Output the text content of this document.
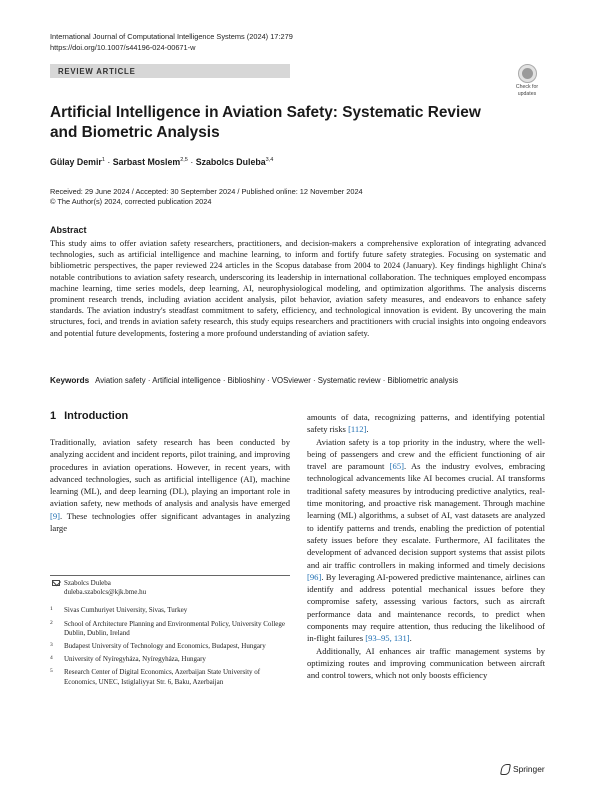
International Journal of Computational Intelligence Systems (2024) 17:279
https://doi.org/10.1007/s44196-024-00671-w
REVIEW ARTICLE
Check for
updates
Artificial Intelligence in Aviation Safety: Systematic Review and Biometric Analysis
Gülay Demir$^1$ · Sarbast Moslem$^{2,5}$ · Szabolcs Duleba$^{3,4}$
Received: 29 June 2024 / Accepted: 30 September 2024 / Published online: 12 November 2024
© The Author(s) 2024, corrected publication 2024
Abstract
This study aims to offer aviation safety researchers, practitioners, and decision-makers a comprehensive exploration of integrating advanced technologies, such as artificial intelligence and machine learning, to inform and fortify future safety strategies. Focusing on systematic and bibliometric perspectives, the paper reviewed 224 articles in the Scopus database from 2004 to 2024 (January). Key findings highlight China's notable contributions to aviation safety research, underscoring its leadership in international collaboration. The techniques employed encompass machine learning, time series models, deep learning, AI, neurophysiological modeling, and optimization algorithms. The analysis discerns prominent research trends, including aviation accident analysis, pilot behavior, aviation safety measures, and endeavors to enhance safety standards. The aviation industry's steadfast commitment to safety, efficiency, and technological innovation is evident. By uncovering the main structures, foci, and trends in aviation safety research, this study equips researchers and practitioners with crucial insights into ongoing endeavors and potential future developments, fostering a more profound understanding of aviation safety.
Keywords Aviation safety · Artificial intelligence · Biblioshiny · VOSviewer · Systematic review · Bibliometric analysis
1 Introduction

Traditionally, aviation safety research has been conducted by analyzing accident and incident reports, pilot training, and improving procedures in aviation operations. However, in recent years, with advanced technologies, such as artificial intelligence (AI), machine learning (ML), and deep learning (DL), playing an important role in aviation safety, new methods of analysis and analysis have emerged [9]. These technologies offer significant advantages in analyzing large

amounts of data, recognizing patterns, and identifying potential safety risks [112].

Aviation safety is a top priority in the industry, where the well-being of passengers and crew and the efficient functioning of air travel are paramount [65]. As the industry evolves, embracing technological advancements like AI becomes crucial. AI transforms traditional safety measures by introducing predictive analytics, real-time monitoring, and proactive risk management. Through machine learning (ML) algorithms, a subset of AI, vast datasets are analyzed to identify patterns and trends, enabling the prediction of potential safety issues before they escalate. Furthermore, AI facilitates the development of advanced decision support systems that assist pilots and air traffic controllers in making informed and timely decisions [96]. By leveraging AI-powered predictive maintenance, airlines can identify and address potential mechanical issues before they compromise safety, assessing various factors, such as aircraft performance data and maintenance records, to predict when components may require attention, thus reducing the likelihood of in-flight failures [93–95, 131].

Additionally, AI enhances air traffic management systems by optimizing routes and improving communication between aircraft and control towers, which not only boosts efficiency

Szabolcs Duleba
duleba.szabolcs@kjk.bme.hu
1 Sivas Cumhuriyet University, Sivas, Turkey
2 School of Architecture Planning and Environmental Policy, University College Dublin, Dublin, Ireland
3 Budapest University of Technology and Economics, Budapest, Hungary
4 University of Nyíregyháza, Nyíregyháza, Hungary
5 Research Center of Digital Economics, Azerbaijan State University of Economics, UNEC, Istiglaliyyat Str. 6, Baku, Azerbaijan
Springer
